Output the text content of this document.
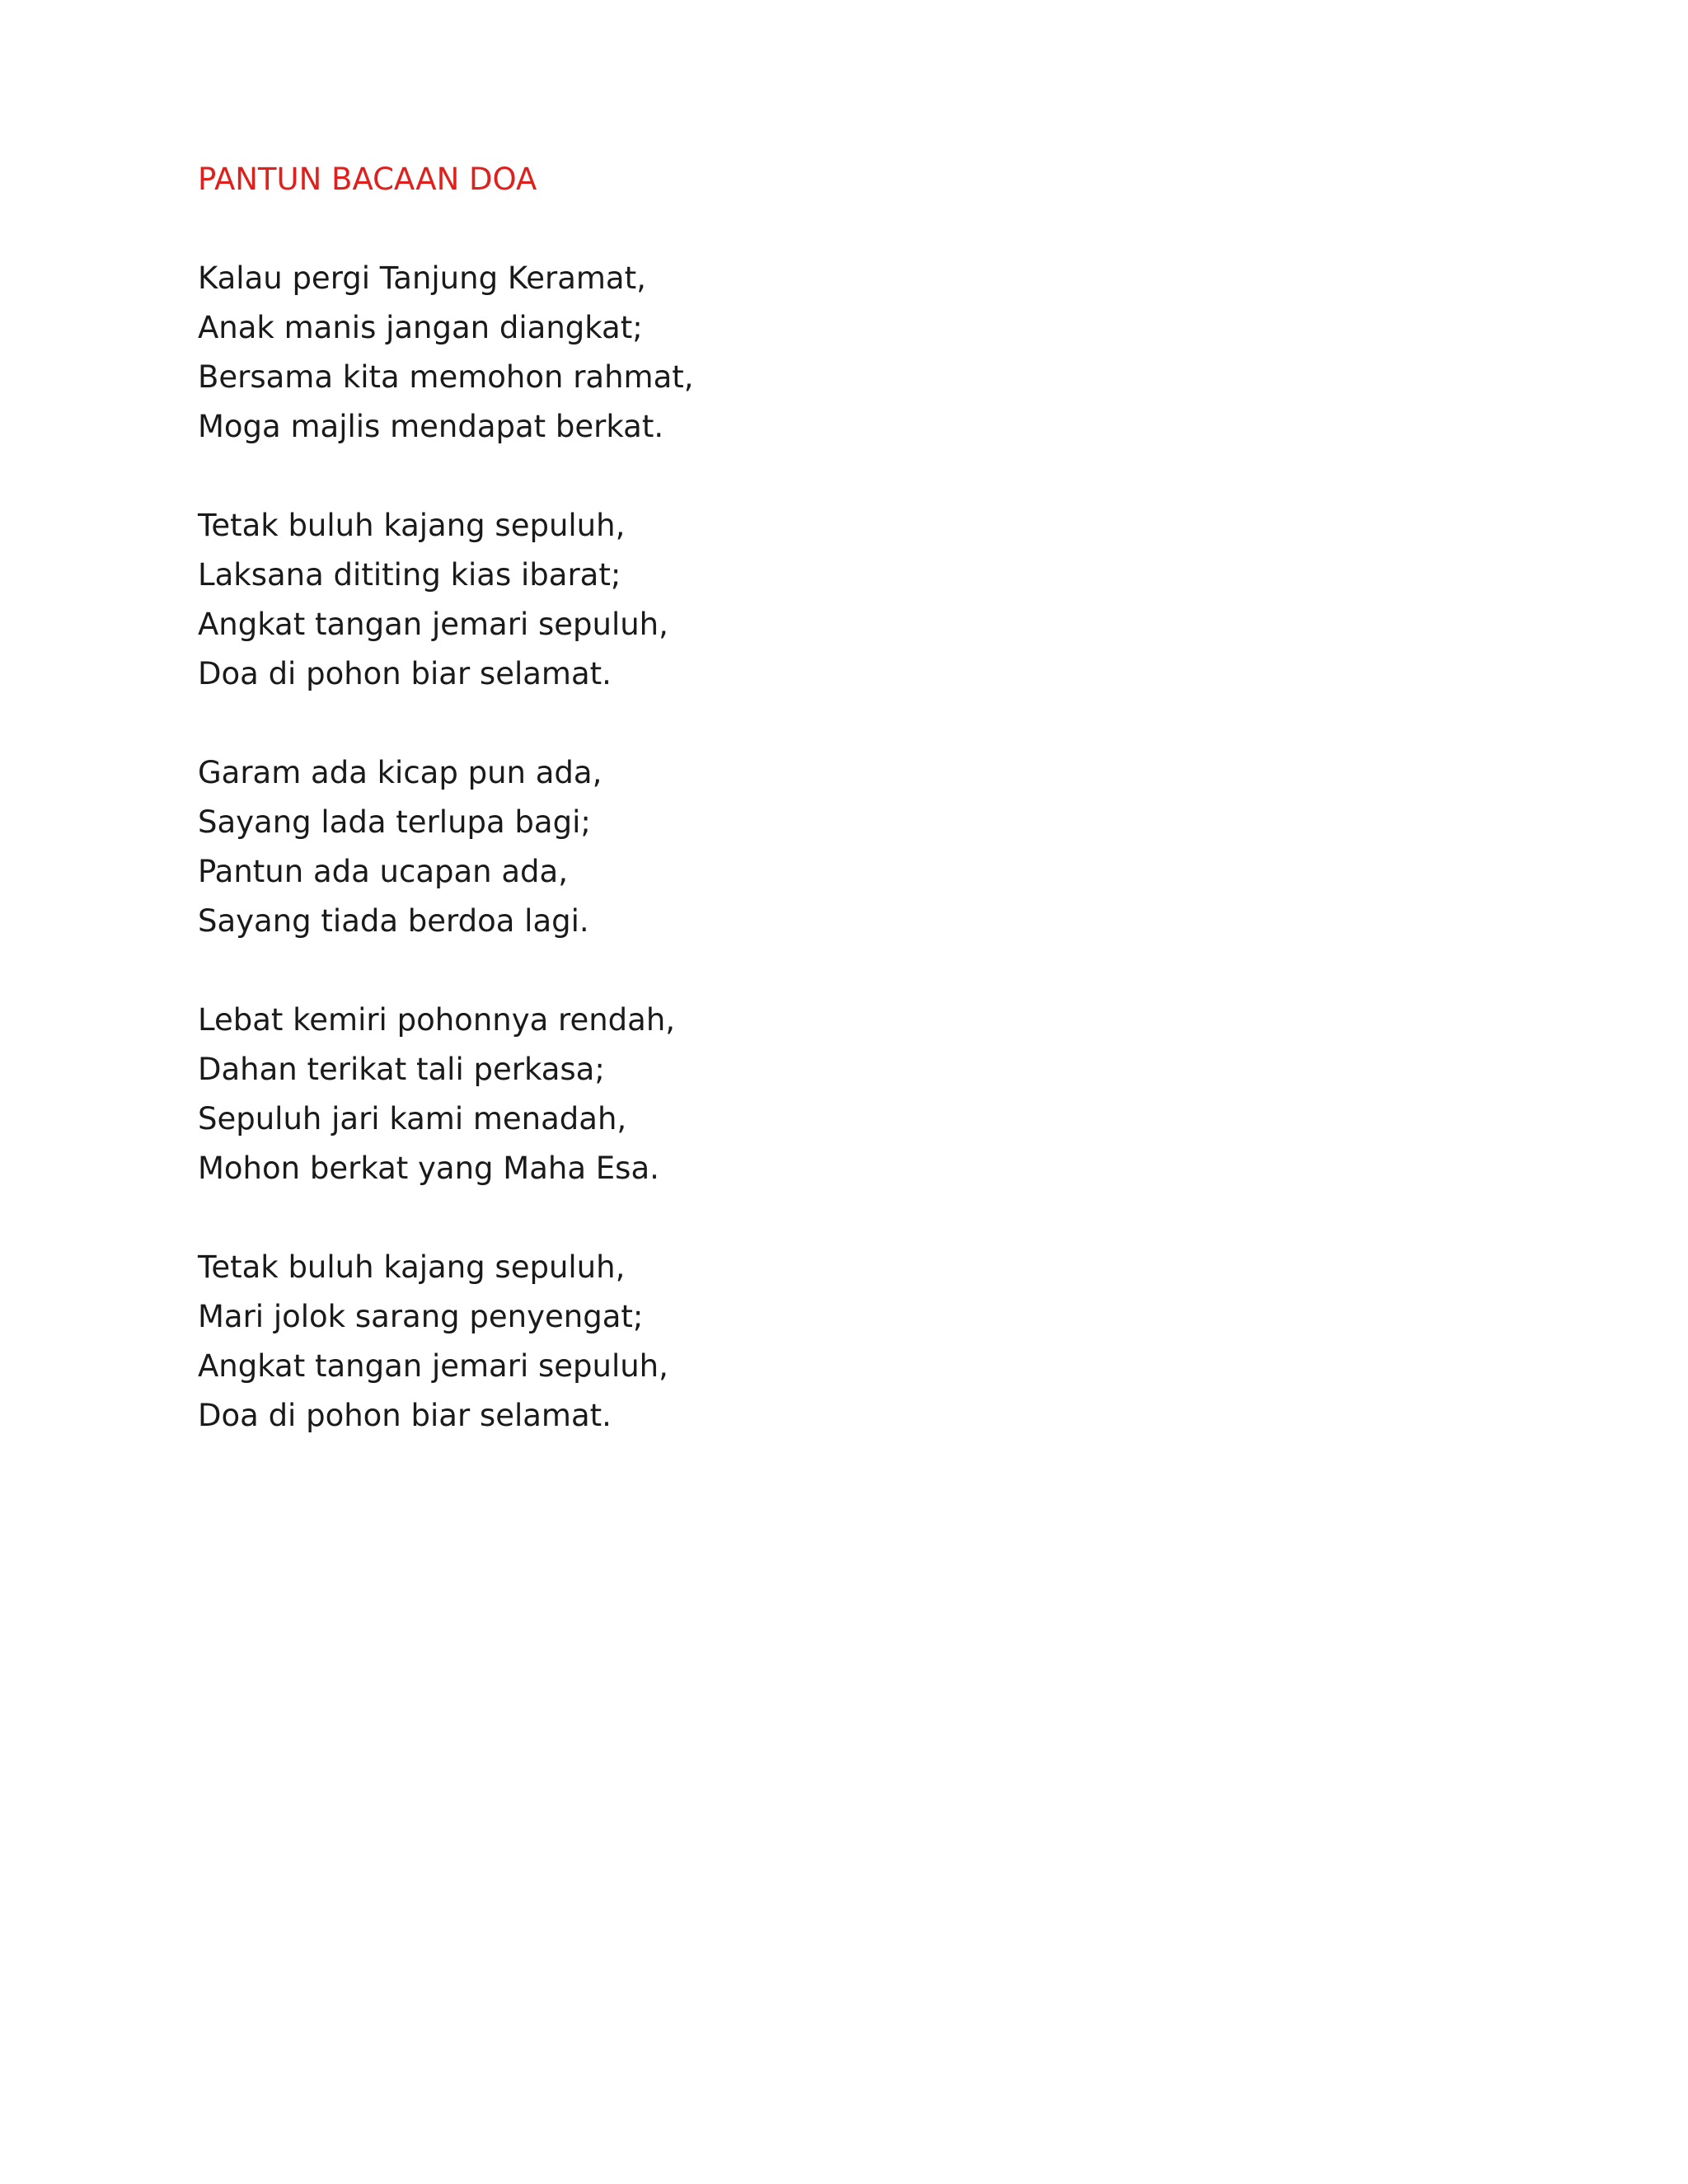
PANTUN BACAAN DOA
Kalau pergi Tanjung Keramat,
Anak manis jangan diangkat;
Bersama kita memohon rahmat,
Moga majlis mendapat berkat.
Tetak buluh kajang sepuluh,
Laksana dititing kias ibarat;
Angkat tangan jemari sepuluh,
Doa di pohon biar selamat.
Garam ada kicap pun ada,
Sayang lada terlupa bagi;
Pantun ada ucapan ada,
Sayang tiada berdoa lagi.
Lebat kemiri pohonnya rendah,
Dahan terikat tali perkasa;
Sepuluh jari kami menadah,
Mohon berkat yang Maha Esa.
Tetak buluh kajang sepuluh,
Mari jolok sarang penyengat;
Angkat tangan jemari sepuluh,
Doa di pohon biar selamat.
